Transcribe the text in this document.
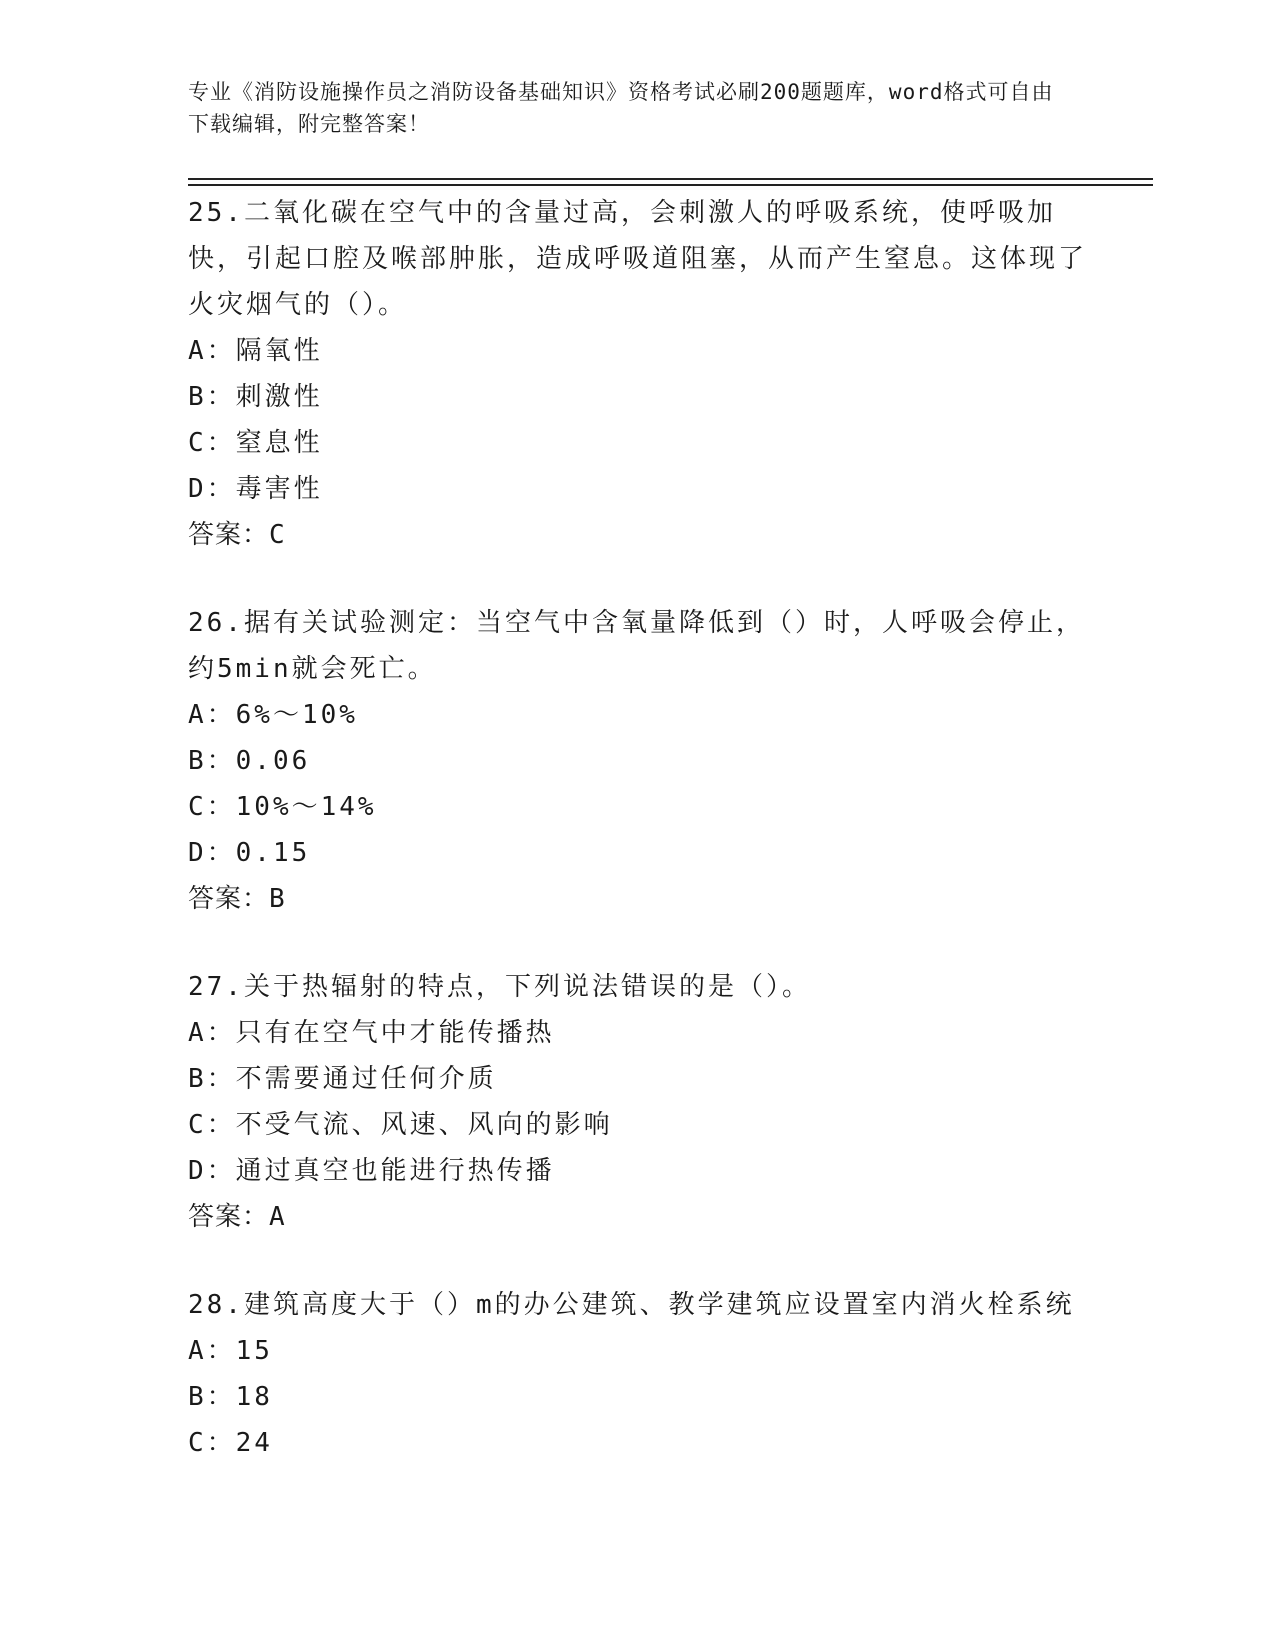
专业《消防设施操作员之消防设备基础知识》资格考试必刷200题题库，word格式可自由下载编辑，附完整答案！

25.二氧化碳在空气中的含量过高，会刺激人的呼吸系统，使呼吸加快，引起口腔及喉部肿胀，造成呼吸道阻塞，从而产生窒息。这体现了火灾烟气的（）。

A：隔氧性

B：刺激性

C：窒息性

D：毒害性

答案：C

26.据有关试验测定：当空气中含氧量降低到（）时，人呼吸会停止，约5min就会死亡。

A：6%～10%

B：0.06

C：10%～14%

D：0.15

答案：B

27.关于热辐射的特点，下列说法错误的是（）。

A：只有在空气中才能传播热

B：不需要通过任何介质

C：不受气流、风速、风向的影响

D：通过真空也能进行热传播

答案：A

28.建筑高度大于（）m的办公建筑、教学建筑应设置室内消火栓系统

A：15

B：18

C：24
